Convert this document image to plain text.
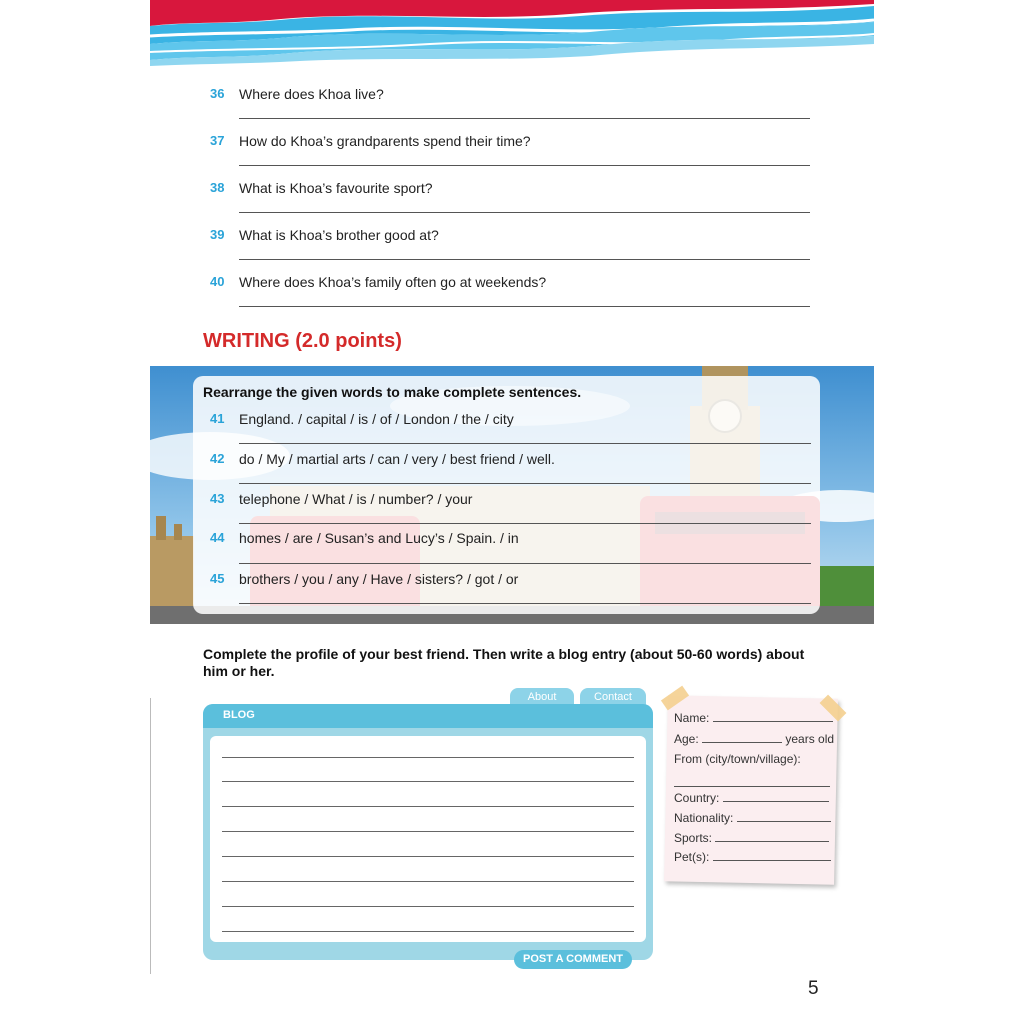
36 Where does Khoa live?
37 How do Khoa’s grandparents spend their time?
38 What is Khoa’s favourite sport?
39 What is Khoa’s brother good at?
40 Where does Khoa’s family often go at weekends?
WRITING (2.0 points)
Rearrange the given words to make complete sentences.
41 England. / capital / is / of / London / the / city
42 do / My / martial arts / can / very / best friend / well.
43 telephone / What / is / number? / your
44 homes / are / Susan’s and Lucy’s / Spain. / in
45 brothers / you / any / Have / sisters? / got / or
Complete the profile of your best friend. Then write a blog entry (about 50-60 words) about him or her.
About	Contact
BLOG
POST A COMMENT
Name:
Age:	years old
From (city/town/village):
Country:
Nationality:
Sports:
Pet(s):
5
